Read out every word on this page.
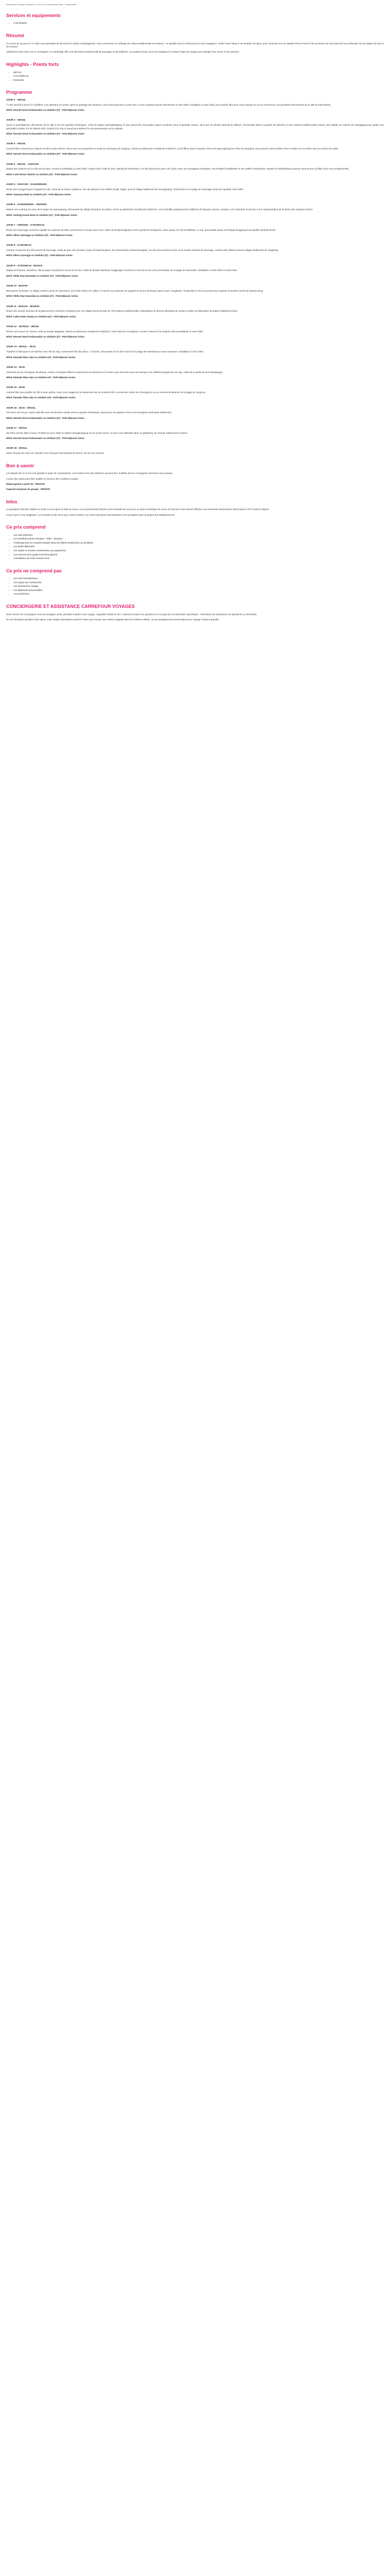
Description Du pays comprenne ; Ce sur le mai comprend que ; Comprendre
Services et equipements
• Conciergerie
Résumé

Ce circuit de 18 jours et 17 nuits vous permettra de découvrir la culture cambodgienne. Vous y trouverez un mélange de culture traditionnelle et moderne : un paradis sous le soleil pour les amis voyageurs. Visitez Siem Reap et les temples d'Angkor, puis continuez vers la capitale Phnom Penh et les provinces du Sud avant de vous détendre sur les plages de Kep et de Kampot.

Idéalement situé entre mer et montagnes, le Cambodge offre une diversité exceptionnelle de paysages et de traditions. Les guides locaux vous accompagnent à chaque étape du voyage pour partager leur savoir et leur passion.

Highlights - Points forts
• DÉTOX
• CULTURELLE
• ÉVASION
Programme
JOUR 1 - SEOUL

À votre arrivée à Seoul, le chauffeur vous attendra à la sortie, après le passage des douanes, muni d'une pancarte à votre nom. Il vous conduira ensuite directement à votre hôtel. Installation à votre hôtel, puis journée libre pour vous reposer du vol ou commencer vos premières découvertes de la ville en toute liberté.

Hôtel: Novotel Seoul Ambassador ou similaire (4*) - Petit-déjeuner inclus
JOUR 2 - SEOUL

Après le petit-déjeuner, découverte de la ville et de ses quartiers historiques. Visite du palais Gyeongbokgung, le plus grand des cinq palais royaux construits sous la dynastie Joseon, ainsi que du Musée national du folklore. Promenade dans le quartier de Bukchon et ses maisons traditionnelles hanok, puis balade au marché de Gwangjang pour goûter aux spécialités locales. En fin d'après-midi, montée à la Tour N Seoul pour admirer la vue panoramique sur la capitale.

Hôtel: Novotel Seoul Ambassador ou similaire (4*) - Petit-déjeuner inclus
JOUR 3 - SEOUL

Journée libre à Seoul pour explorer la ville à votre rythme. Nous vous recommandons la visite du sanctuaire de Jongmyo, classé au patrimoine mondial de l'UNESCO, et de flâner dans le quartier animé de Myeongdong pour faire du shopping. Vous pourrez aussi profiter d'une croisière sur la rivière Han au coucher du soleil.

Hôtel: Novotel Seoul Ambassador ou similaire (4*) - Petit-déjeuner inclus
JOUR 4 - SEOUL - SOKCHO

Départ vers Sokcho sur la côte est du pays. Arrivée et installation à votre hôtel. L'après-midi, visite du parc national de Seoraksan, l'un des plus beaux parcs de Corée, avec ses montagnes escarpées, ses temples bouddhistes et ses vallées verdoyantes. Montée en téléphérique jusqu'au sommet pour profiter d'une vue exceptionnelle.

Hôtel: Lotte Resort Sokcho ou similaire (4*) - Petit-déjeuner inclus
JOUR 5 - SOKCHO - GANGNEUNG

Route vers Gangneung en longeant la côte. Visite de la maison Ojukheon, lieu de naissance du célèbre érudit Yulgok, puis du village traditionnel de Seongyojang. Temps libre sur la plage de Gyeongpo avant de rejoindre votre hôtel.

Hôtel: Seamarq Hotel ou similaire (4*) - Petit-déjeuner inclus
JOUR 6 - GANGNEUNG - ANDONG

Départ vers Andong, au cœur de la région du Gyeongsang. Découverte du village historique de Hahoe, inscrit au patrimoine mondial de l'UNESCO, où les familles perpétuent les traditions de l'époque Joseon. Assistez, si le calendrier le permet, à une représentation de la danse des masques Hahoe.

Hôtel: Andong Grand Hotel ou similaire (4*) - Petit-déjeuner inclus
JOUR 7 - ANDONG - GYEONGJU

Route vers Gyeongju, ancienne capitale du royaume de Silla, surnommée le musée sans murs. Visite du temple Bulguksa et de la grotte de Seokguram, deux joyaux de l'art bouddhiste. Le soir, promenade autour de l'étang Donggung et du pavillon Wolji illuminés.

Hôtel: Hilton Gyeongju ou similaire (4*) - Petit-déjeuner inclus
JOUR 8 - GYEONGJU

Journée consacrée à la découverte de Gyeongju. Visite du parc des tumulus royaux de Daereungwon, de l'observatoire Cheomseongdae, l'un des plus anciens d'Asie, et du musée national de Gyeongju. L'après-midi, flânerie dans le village traditionnel de Yangdong.

Hôtel: Hilton Gyeongju ou similaire (4*) - Petit-déjeuner inclus
JOUR 9 - GYEONGJU - BUSAN

Départ vers Busan, deuxième ville du pays et grand port ouvert sur la mer. Visite du temple Haedong Yonggungsa construit au bord de la mer, puis promenade sur la plage de Haeundae. Installation à votre hôtel et soirée libre.

Hôtel: Shilla Stay Haeundae ou similaire (4*) - Petit-déjeuner inclus
JOUR 10 - BUSAN

Découverte de Busan : le village culturel coloré de Gamcheon, accroché à flanc de colline, le marché aux poissons de Jagalchi et la tour de Busan dans le parc Yongdusan. Temps libre en fin de journée pour explorer le quartier animé de Nampo-dong.

Hôtel: Shilla Stay Haeundae ou similaire (4*) - Petit-déjeuner inclus
JOUR 11 - BUSAN - JEONJU

Route vers Jeonju, berceau de la gastronomie coréenne et réputée pour son village hanok de plus de 700 maisons traditionnelles. Dégustation du fameux bibimbap de Jeonju et atelier de fabrication de papier traditionnel hanji.

Hôtel: Lahan Hotel Jeonju ou similaire (4*) - Petit-déjeuner inclus
JOUR 12 - JEONJU - SEOUL

Retour vers Seoul. En chemin, arrêt au temple Magoksa, classé au patrimoine mondial de l'UNESCO, niché dans les montagnes. Arrivée à Seoul en fin d'après-midi et installation à votre hôtel.

Hôtel: Novotel Seoul Ambassador ou similaire (4*) - Petit-déjeuner inclus
JOUR 13 - SEOUL - JEJU

Transfert à l'aéroport et vol intérieur vers l'île de Jeju, surnommée l'île des dieux. À l'arrivée, découverte de la côte nord et de la plage de Hamdeok aux eaux turquoise. Installation à votre hôtel.

Hôtel: Ramada Plaza Jeju ou similaire (4*) - Petit-déjeuner inclus
JOUR 14 - JEJU

Ascension du pic Seongsan Ilchulbong, cratère volcanique offrant un panorama exceptionnel sur l'océan, puis rencontre avec les haenyeo, les célèbres plongeuses de Jeju. Visite de la grotte de lave Manjanggul.

Hôtel: Ramada Plaza Jeju ou similaire (4*) - Petit-déjeuner inclus
JOUR 15 - JEJU

Journée libre pour profiter de l'île à votre rythme. Nous vous suggérons la randonnée sur les sentiers Olle, la visite des chutes de Cheonjiyeon ou un moment de détente sur la plage de Jungmun.

Hôtel: Ramada Plaza Jeju ou similaire (4*) - Petit-déjeuner inclus
JOUR 16 - JEJU - SEOUL

Vol retour vers Seoul. Après-midi libre pour les derniers achats dans le quartier d'Insadong, réputé pour ses galeries d'art et ses boutiques d'artisanat traditionnel.

Hôtel: Novotel Seoul Ambassador ou similaire (4*) - Petit-déjeuner inclus
JOUR 17 - SEOUL

Dernière journée libre à Seoul. Profitez-en pour visiter le palais Changdeokgung et son jardin secret, ou pour vous détendre dans un jjimjilbang, les saunas traditionnels coréens.

Hôtel: Novotel Seoul Ambassador ou similaire (4*) - Petit-déjeuner inclus
JOUR 18 - SEOUL

Selon l'horaire de votre vol, transfert vers l'aéroport international d'Incheon. Fin de nos services.

Bon à savoir

Les départs de ce circuit sont garantis à partir de 2 participants. Les horaires des vols intérieurs peuvent être modifiés par les compagnies aériennes sans préavis.

L'ordre des visites peut être modifié en fonction des conditions locales.

Départ garanti à partir de : PRIVATE

Capacité maximum du groupe : PRIVATE

Infos

Le passeport doit être valable au moins 6 mois après la date de retour. Les ressortissants français sont exemptés de visa pour un séjour touristique de moins de 90 jours mais doivent effectuer une demande d'autorisation électronique K-ETA avant le départ.

Aucun vaccin n'est obligatoire. La monnaie locale est le won coréen (KRW). Les cartes bancaires internationales sont acceptées dans la plupart des établissements.

Ce prix comprend
• Les vols intérieurs
• Les transferts privés aéroport - hôtel - aéroport
• L'hébergement en chambre double dans les hôtels mentionnés ou similaires
• Les petits-déjeuners
• Les visites et entrées mentionnées au programme
• Les services d'un guide local francophone
• L'assistance de notre bureau local
Ce prix ne comprend pas
• Les vols internationaux
• Les repas non mentionnés
• Les assurances voyage
• Les dépenses personnelles
• Les pourboires
CONCIERGERIE ET ASSISTANCE CARREFOUR VOYAGES

Notre service de conciergerie vous accompagne avant, pendant et après votre voyage. Joignable 24h/24 et 7j/7, il répond à toutes vos questions et s'occupe de vos demandes spécifiques : réservation de restaurants, de spectacles ou d'activités.

En cas d'imprévu pendant votre séjour, notre équipe d'assistance prend le relais pour trouver une solution adaptée dans les meilleurs délais. Un accompagnement personnalisé pour voyager l'esprit tranquille.
